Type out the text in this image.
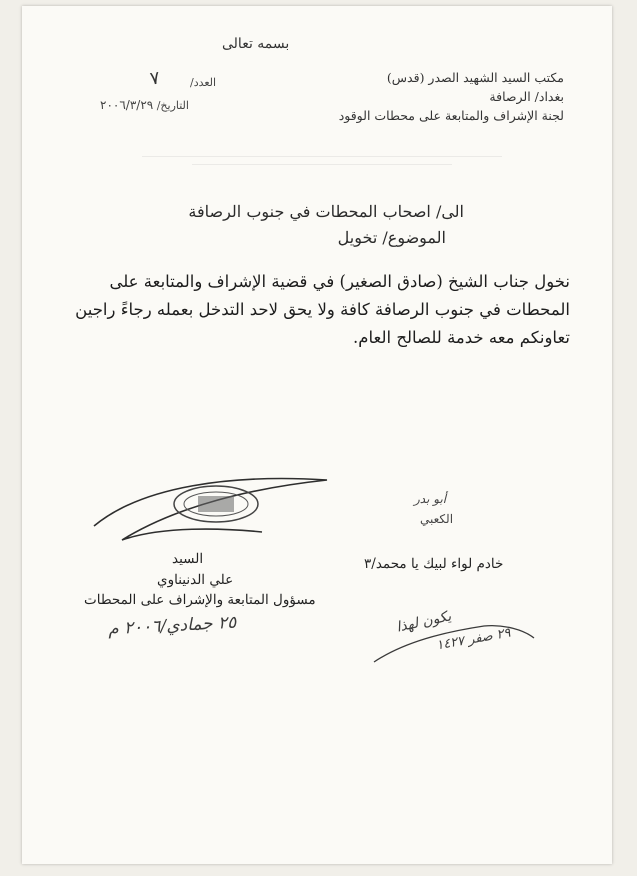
بسمه تعالى
مكتب السيد الشهيد الصدر (قدس)
بغداد/ الرصافة
لجنة الإشراف والمتابعة على محطات الوقود
العدد/
٧
التاريخ/ ٢٠٠٦/٣/٢٩
الى/ اصحاب المحطات في جنوب الرصافة
الموضوع/ تخويل
نخول جناب الشيخ (صادق الصغير) في قضية الإشراف والمتابعة على
المحطات في جنوب الرصافة كافة ولا يحق لاحد التدخل بعمله رجاءً راجين
تعاونكم معه خدمة للصالح العام.
السيد
علي الدنيناوي
مسؤول المتابعة والإشراف على المحطات
٢٥ جمادي/٢٠٠٦ م
أبو بدر
الكعبي
خادم لواء لبيك يا محمد/٣
يكون لهذا
٢٩ صفر ١٤٢٧
